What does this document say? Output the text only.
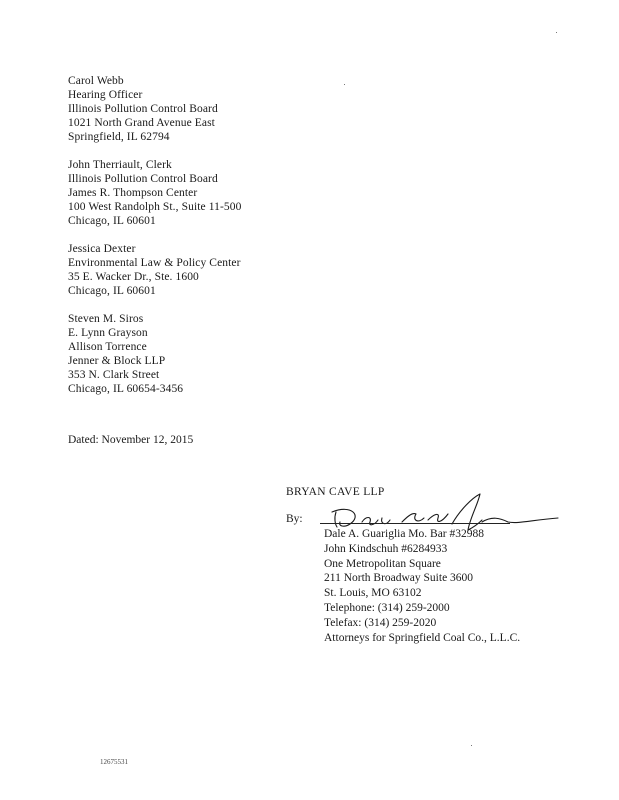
Carol Webb
Hearing Officer
Illinois Pollution Control Board
1021 North Grand Avenue East
Springfield, IL 62794
John Therriault, Clerk
Illinois Pollution Control Board
James R. Thompson Center
100 West Randolph St., Suite 11-500
Chicago, IL 60601
Jessica Dexter
Environmental Law & Policy Center
35 E. Wacker Dr., Ste. 1600
Chicago, IL 60601
Steven M. Siros
E. Lynn Grayson
Allison Torrence
Jenner & Block LLP
353 N. Clark Street
Chicago, IL 60654-3456
Dated: November 12, 2015
BRYAN CAVE LLP
By:
Dale A. Guariglia Mo. Bar #32988
John Kindschuh #6284933
One Metropolitan Square
211 North Broadway Suite 3600
St. Louis, MO 63102
Telephone: (314) 259-2000
Telefax: (314) 259-2020
Attorneys for Springfield Coal Co., L.L.C.
12675531
